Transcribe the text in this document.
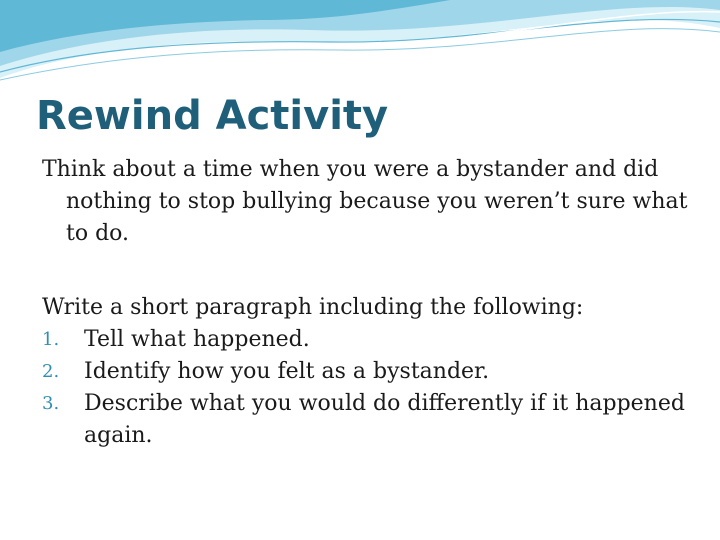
Rewind Activity

Think about a time when you were a bystander and did nothing to stop bullying because you weren’t sure what to do.

Write a short paragraph including the following:

1. Tell what happened.
2. Identify how you felt as a bystander.
3. Describe what you would do differently if it happened again.
